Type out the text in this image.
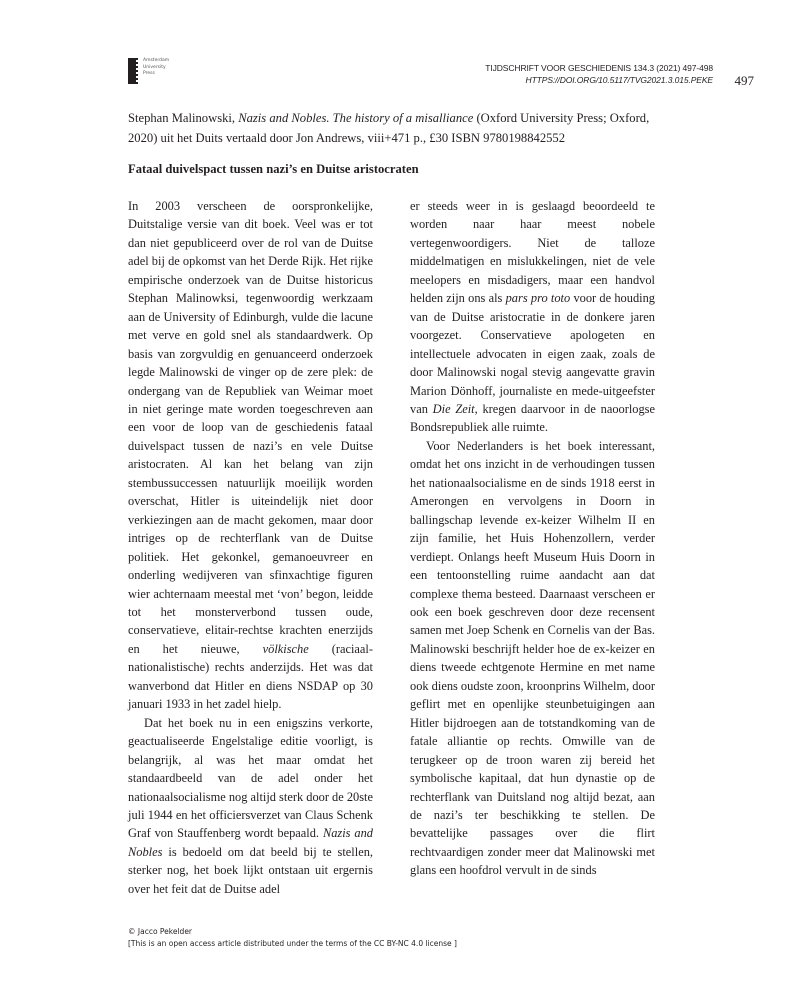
Amsterdam
University
Press
TIJDSCHRIFT VOOR GESCHIEDENIS 134.3 (2021) 497-498
HTTPS://DOI.ORG/10.5117/TVG2021.3.015.PEKE 497
Stephan Malinowski, Nazis and Nobles. The history of a misalliance (Oxford University Press; Oxford, 2020) uit het Duits vertaald door Jon Andrews, viii+471 p., £30 ISBN 9780198842552
Fataal duivelspact tussen nazi’s en Duitse aristocraten

In 2003 verscheen de oorspronkelijke, Duitstalige versie van dit boek. Veel was er tot dan niet gepubliceerd over de rol van de Duitse adel bij de opkomst van het Derde Rijk. Het rijke empirische onderzoek van de Duitse historicus Stephan Malinowksi, tegenwoordig werkzaam aan de University of Edinburgh, vulde die lacune met verve en gold snel als standaardwerk. Op basis van zorgvuldig en genuanceerd onderzoek legde Malinowski de vinger op de zere plek: de ondergang van de Republiek van Weimar moet in niet geringe mate worden toegeschreven aan een voor de loop van de geschiedenis fataal duivelspact tussen de nazi’s en vele Duitse aristocraten. Al kan het belang van zijn stembussuccessen natuurlijk moeilijk worden overschat, Hitler is uiteindelijk niet door verkiezingen aan de macht gekomen, maar door intriges op de rechterflank van de Duitse politiek. Het gekonkel, gemanoeuvreer en onderling wedijveren van sfinxachtige figuren wier achternaam meestal met ‘von’ begon, leidde tot het monsterverbond tussen oude, conservatieve, elitair-rechtse krachten enerzijds en het nieuwe, völkische (raciaal-nationalistische) rechts anderzijds. Het was dat wanverbond dat Hitler en diens NSDAP op 30 januari 1933 in het zadel hielp.

Dat het boek nu in een enigszins verkorte, geactualiseerde Engelstalige editie voorligt, is belangrijk, al was het maar omdat het standaardbeeld van de adel onder het nationaalsocialisme nog altijd sterk door de 20ste juli 1944 en het officiersverzet van Claus Schenk Graf von Stauffenberg wordt bepaald. Nazis and Nobles is bedoeld om dat beeld bij te stellen, sterker nog, het boek lijkt ontstaan uit ergernis over het feit dat de Duitse adel

er steeds weer in is geslaagd beoordeeld te worden naar haar meest nobele vertegenwoordigers. Niet de talloze middelmatigen en mislukkelingen, niet de vele meelopers en misdadigers, maar een handvol helden zijn ons als pars pro toto voor de houding van de Duitse aristocratie in de donkere jaren voorgezet. Conservatieve apologeten en intellectuele advocaten in eigen zaak, zoals de door Malinowski nogal stevig aangevatte gravin Marion Dönhoff, journaliste en mede-uitgeefster van Die Zeit, kregen daarvoor in de naoorlogse Bondsrepubliek alle ruimte.

Voor Nederlanders is het boek interessant, omdat het ons inzicht in de verhoudingen tussen het nationaalsocialisme en de sinds 1918 eerst in Amerongen en vervolgens in Doorn in ballingschap levende ex-keizer Wilhelm II en zijn familie, het Huis Hohenzollern, verder verdiept. Onlangs heeft Museum Huis Doorn in een tentoonstelling ruime aandacht aan dat complexe thema besteed. Daarnaast verscheen er ook een boek geschreven door deze recensent samen met Joep Schenk en Cornelis van der Bas. Malinowski beschrijft helder hoe de ex-keizer en diens tweede echtgenote Hermine en met name ook diens oudste zoon, kroonprins Wilhelm, door geflirt met en openlijke steunbetuigingen aan Hitler bijdroegen aan de totstandkoming van de fatale alliantie op rechts. Omwille van de terugkeer op de troon waren zij bereid het symbolische kapitaal, dat hun dynastie op de rechterflank van Duitsland nog altijd bezat, aan de nazi’s ter beschikking te stellen. De bevattelijke passages over die flirt rechtvaardigen zonder meer dat Malinowski met glans een hoofdrol vervult in de sinds

© Jacco Pekelder
[This is an open access article distributed under the terms of the CC BY-NC 4.0 license ]
